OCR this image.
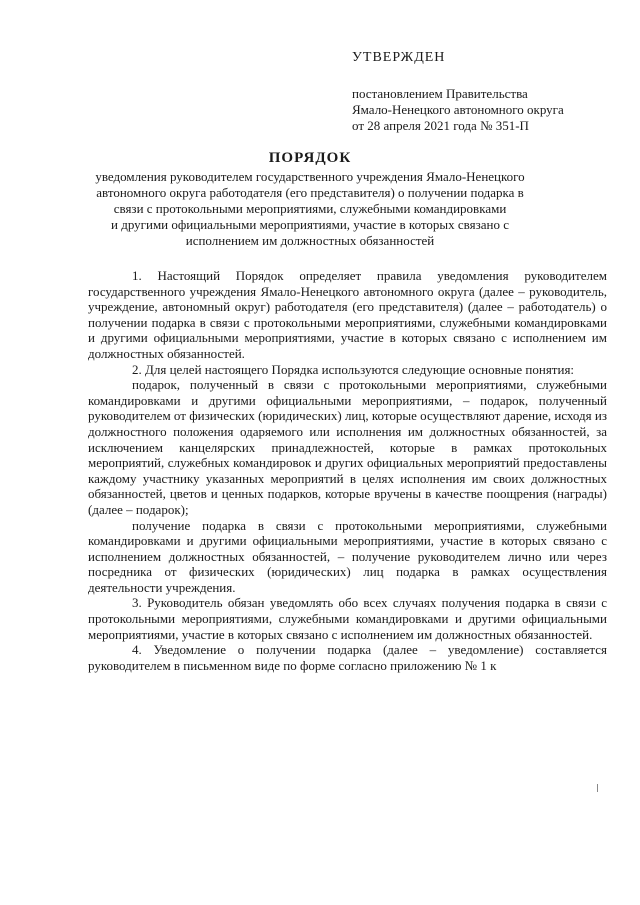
УТВЕРЖДЕН

постановлением Правительства

Ямало-Ненецкого автономного округа

от 28 апреля 2021 года № 351-П

ПОРЯДОК

уведомления руководителем государственного учреждения Ямало-Ненецкого

автономного округа работодателя (его представителя) о получении подарка в

связи с протокольными мероприятиями, служебными командировками

и другими официальными мероприятиями, участие в которых связано с

исполнением им должностных обязанностей

1. Настоящий Порядок определяет правила уведомления руководителем государственного учреждения Ямало-Ненецкого автономного округа (далее – руководитель, учреждение, автономный округ) работодателя (его представителя) (далее – работодатель) о получении подарка в связи с протокольными мероприятиями, служебными командировками и другими официальными мероприятиями, участие в которых связано с исполнением им должностных обязанностей.

2. Для целей настоящего Порядка используются следующие основные понятия:

подарок, полученный в связи с протокольными мероприятиями, служебными командировками и другими официальными мероприятиями, – подарок, полученный руководителем от физических (юридических) лиц, которые осуществляют дарение, исходя из должностного положения одаряемого или исполнения им должностных обязанностей, за исключением канцелярских принадлежностей, которые в рамках протокольных мероприятий, служебных командировок и других официальных мероприятий предоставлены каждому участнику указанных мероприятий в целях исполнения им своих должностных обязанностей, цветов и ценных подарков, которые вручены в качестве поощрения (награды) (далее – подарок);

получение подарка в связи с протокольными мероприятиями, служебными командировками и другими официальными мероприятиями, участие в которых связано с исполнением должностных обязанностей, – получение руководителем лично или через посредника от физических (юридических) лиц подарка в рамках осуществления деятельности учреждения.

3. Руководитель обязан уведомлять обо всех случаях получения подарка в связи с протокольными мероприятиями, служебными командировками и другими официальными мероприятиями, участие в которых связано с исполнением им должностных обязанностей.

4. Уведомление о получении подарка (далее – уведомление) составляется руководителем в письменном виде по форме согласно приложению № 1 к
